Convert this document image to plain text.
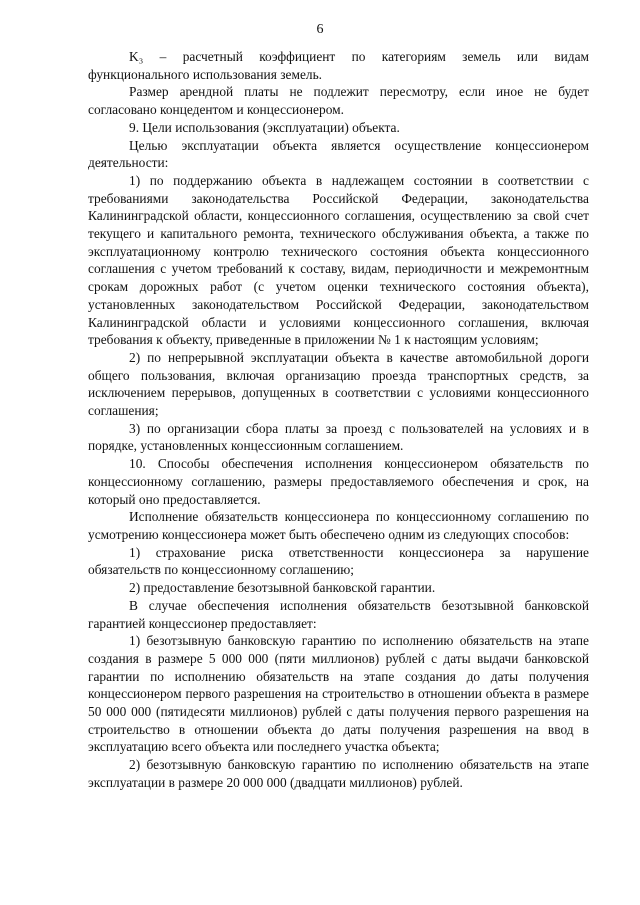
6

K₃ – расчетный коэффициент по категориям земель или видам функционального использования земель.

Размер арендной платы не подлежит пересмотру, если иное не будет согласовано концедентом и концессионером.

9. Цели использования (эксплуатации) объекта.

Целью эксплуатации объекта является осуществление концессионером деятельности:

1) по поддержанию объекта в надлежащем состоянии в соответствии с требованиями законодательства Российской Федерации, законодательства Калининградской области, концессионного соглашения, осуществлению за свой счет текущего и капитального ремонта, технического обслуживания объекта, а также по эксплуатационному контролю технического состояния объекта концессионного соглашения с учетом требований к составу, видам, периодичности и межремонтным срокам дорожных работ (с учетом оценки технического состояния объекта), установленных законодательством Российской Федерации, законодательством Калининградской области и условиями концессионного соглашения, включая требования к объекту, приведенные в приложении № 1 к настоящим условиям;

2) по непрерывной эксплуатации объекта в качестве автомобильной дороги общего пользования, включая организацию проезда транспортных средств, за исключением перерывов, допущенных в соответствии с условиями концессионного соглашения;

3) по организации сбора платы за проезд с пользователей на условиях и в порядке, установленных концессионным соглашением.

10. Способы обеспечения исполнения концессионером обязательств по концессионному соглашению, размеры предоставляемого обеспечения и срок, на который оно предоставляется.

Исполнение обязательств концессионера по концессионному соглашению по усмотрению концессионера может быть обеспечено одним из следующих способов:

1) страхование риска ответственности концессионера за нарушение обязательств по концессионному соглашению;

2) предоставление безотзывной банковской гарантии.

В случае обеспечения исполнения обязательств безотзывной банковской гарантией концессионер предоставляет:

1) безотзывную банковскую гарантию по исполнению обязательств на этапе создания в размере 5 000 000 (пяти миллионов) рублей с даты выдачи банковской гарантии по исполнению обязательств на этапе создания до даты получения концессионером первого разрешения на строительство в отношении объекта в размере 50 000 000 (пятидесяти миллионов) рублей с даты получения первого разрешения на строительство в отношении объекта до даты получения разрешения на ввод в эксплуатацию всего объекта или последнего участка объекта;

2) безотзывную банковскую гарантию по исполнению обязательств на этапе эксплуатации в размере 20 000 000 (двадцати миллионов) рублей.
